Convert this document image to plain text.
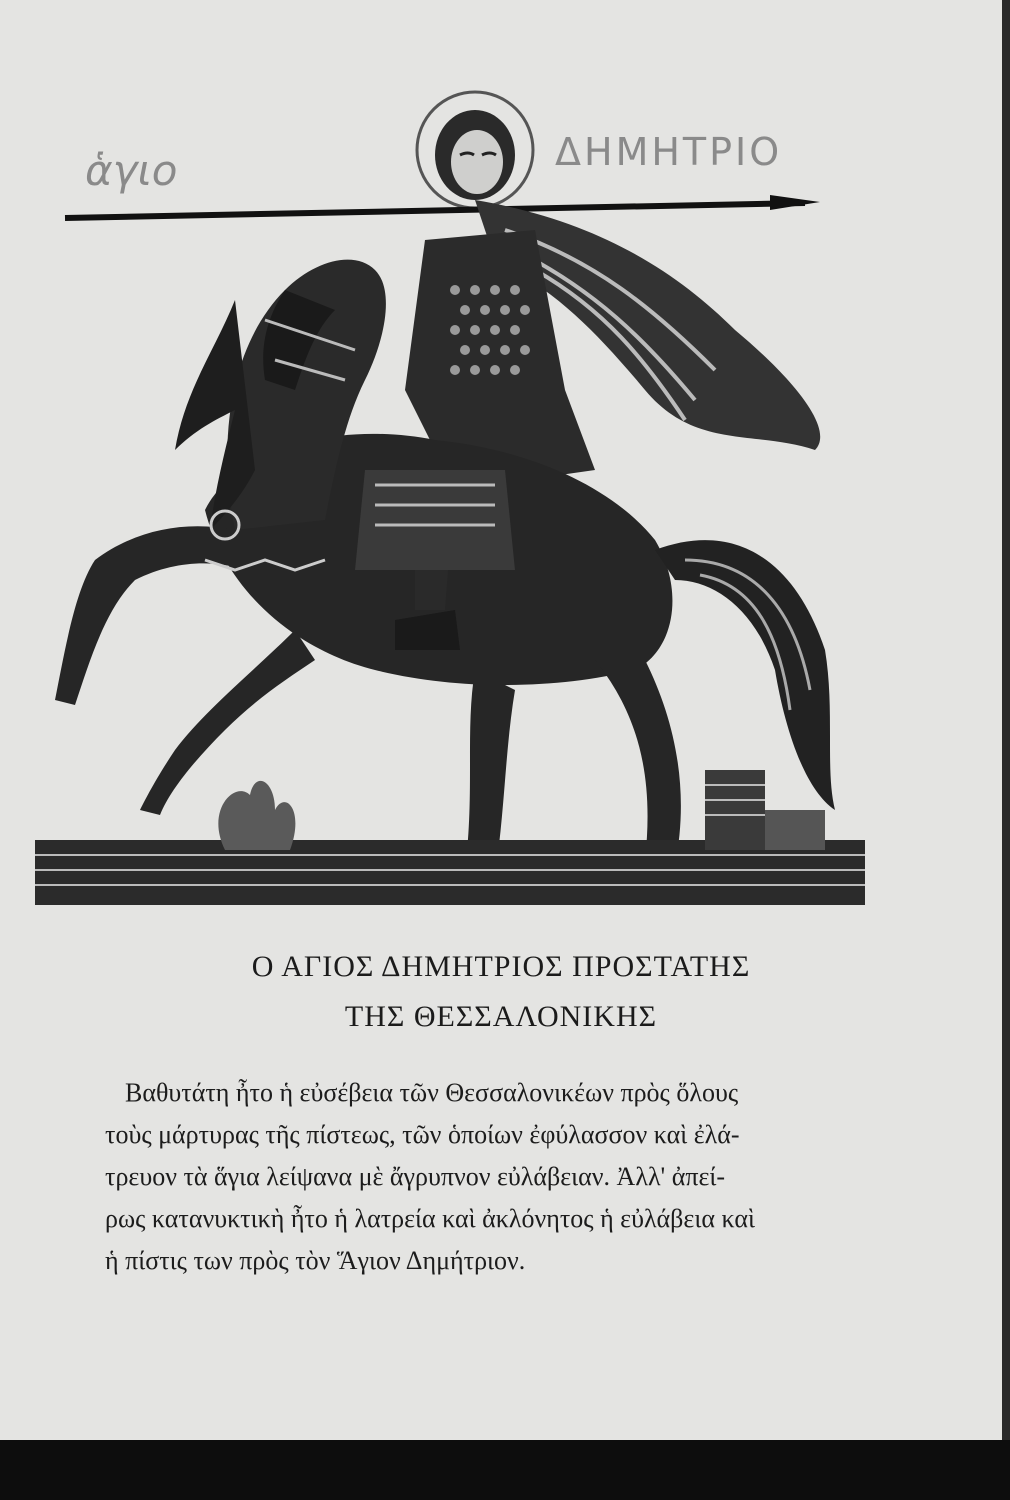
ἁγιο	ΔΗΜΗΤΡΙΟ
Ο ΑΓΙΟΣ ΔΗΜΗΤΡΙΟΣ ΠΡΟΣΤΑΤΗΣ
ΤΗΣ ΘΕΣΣΑΛΟΝΙΚΗΣ
Βαθυτάτη ἦτο ἡ εὐσέβεια τῶν Θεσσαλονικέων πρὸς ὅλους
τοὺς μάρτυρας τῆς πίστεως, τῶν ὁποίων ἐφύλασσον καὶ ἐλά-
τρευον τὰ ἅγια λείψανα μὲ ἄγρυπνον εὐλάβειαν. Ἀλλ' ἀπεί-
ρως κατανυκτικὴ ἦτο ἡ λατρεία καὶ ἀκλόνητος ἡ εὐλάβεια καὶ
ἡ πίστις των πρὸς τὸν Ἅγιον Δημήτριον.
